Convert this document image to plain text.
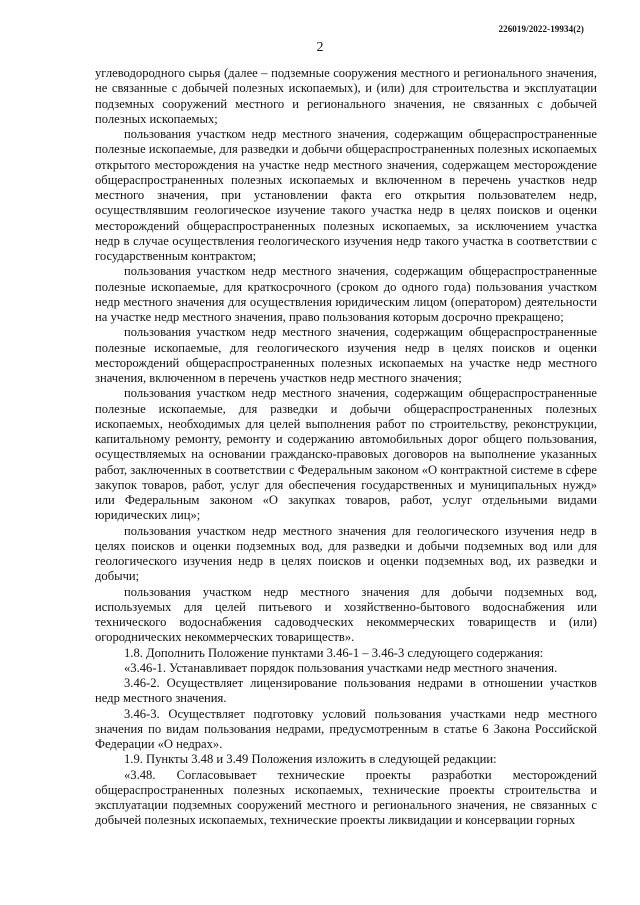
226019/2022-19934(2)
2

углеводородного сырья (далее – подземные сооружения местного и регионального значения, не связанные с добычей полезных ископаемых), и (или) для строительства и эксплуатации подземных сооружений местного и регионального значения, не связанных с добычей полезных ископаемых;

пользования участком недр местного значения, содержащим общераспространенные полезные ископаемые, для разведки и добычи общераспространенных полезных ископаемых открытого месторождения на участке недр местного значения, содержащем месторождение общераспространенных полезных ископаемых и включенном в перечень участков недр местного значения, при установлении факта его открытия пользователем недр, осуществлявшим геологическое изучение такого участка недр в целях поисков и оценки месторождений общераспространенных полезных ископаемых, за исключением участка недр в случае осуществления геологического изучения недр такого участка в соответствии с государственным контрактом;

пользования участком недр местного значения, содержащим общераспространенные полезные ископаемые, для краткосрочного (сроком до одного года) пользования участком недр местного значения для осуществления юридическим лицом (оператором) деятельности на участке недр местного значения, право пользования которым досрочно прекращено;

пользования участком недр местного значения, содержащим общераспространенные полезные ископаемые, для геологического изучения недр в целях поисков и оценки месторождений общераспространенных полезных ископаемых на участке недр местного значения, включенном в перечень участков недр местного значения;

пользования участком недр местного значения, содержащим общераспространенные полезные ископаемые, для разведки и добычи общераспространенных полезных ископаемых, необходимых для целей выполнения работ по строительству, реконструкции, капитальному ремонту, ремонту и содержанию автомобильных дорог общего пользования, осуществляемых на основании гражданско-правовых договоров на выполнение указанных работ, заключенных в соответствии с Федеральным законом «О контрактной системе в сфере закупок товаров, работ, услуг для обеспечения государственных и муниципальных нужд» или Федеральным законом «О закупках товаров, работ, услуг отдельными видами юридических лиц»;

пользования участком недр местного значения для геологического изучения недр в целях поисков и оценки подземных вод, для разведки и добычи подземных вод или для геологического изучения недр в целях поисков и оценки подземных вод, их разведки и добычи;

пользования участком недр местного значения для добычи подземных вод, используемых для целей питьевого и хозяйственно-бытового водоснабжения или технического водоснабжения садоводческих некоммерческих товариществ и (или) огороднических некоммерческих товариществ».

1.8. Дополнить Положение пунктами 3.46-1 – 3.46-3 следующего содержания:

«3.46-1. Устанавливает порядок пользования участками недр местного значения.

3.46-2. Осуществляет лицензирование пользования недрами в отношении участков недр местного значения.

3.46-3. Осуществляет подготовку условий пользования участками недр местного значения по видам пользования недрами, предусмотренным в статье 6 Закона Российской Федерации «О недрах».

1.9. Пункты 3.48 и 3.49 Положения изложить в следующей редакции:

«3.48. Согласовывает технические проекты разработки месторождений общераспространенных полезных ископаемых, технические проекты строительства и эксплуатации подземных сооружений местного и регионального значения, не связанных с добычей полезных ископаемых, технические проекты ликвидации и консервации горных
